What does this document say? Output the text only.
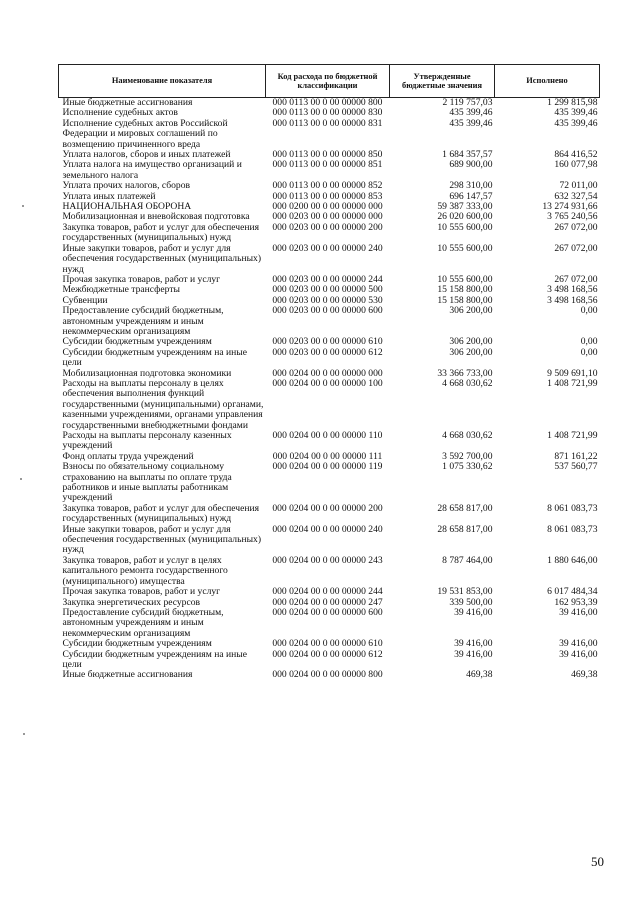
Наименование показателя	Код расхода по бюджетной классификации	Утвержденные бюджетные значения	Исполнено
Иные бюджетные ассигнования	000 0113 00 0 00 00000 800	2 119 757,03	1 299 815,98
Исполнение судебных актов	000 0113 00 0 00 00000 830	435 399,46	435 399,46
Исполнение судебных актов Российской Федерации и мировых соглашений по возмещению причиненного вреда	000 0113 00 0 00 00000 831	435 399,46	435 399,46
Уплата налогов, сборов и иных платежей	000 0113 00 0 00 00000 850	1 684 357,57	864 416,52
Уплата налога на имущество организаций и земельного налога	000 0113 00 0 00 00000 851	689 900,00	160 077,98
Уплата прочих налогов, сборов	000 0113 00 0 00 00000 852	298 310,00	72 011,00
Уплата иных платежей	000 0113 00 0 00 00000 853	696 147,57	632 327,54
НАЦИОНАЛЬНАЯ ОБОРОНА	000 0200 00 0 00 00000 000	59 387 333,00	13 274 931,66
Мобилизационная и вневойсковая подготовка	000 0203 00 0 00 00000 000	26 020 600,00	3 765 240,56
Закупка товаров, работ и услуг для обеспечения государственных (муниципальных) нужд	000 0203 00 0 00 00000 200	10 555 600,00	267 072,00
Иные закупки товаров, работ и услуг для обеспечения государственных (муниципальных) нужд	000 0203 00 0 00 00000 240	10 555 600,00	267 072,00
Прочая закупка товаров, работ и услуг	000 0203 00 0 00 00000 244	10 555 600,00	267 072,00
Межбюджетные трансферты	000 0203 00 0 00 00000 500	15 158 800,00	3 498 168,56
Субвенции	000 0203 00 0 00 00000 530	15 158 800,00	3 498 168,56
Предоставление субсидий бюджетным, автономным учреждениям и иным некоммерческим организациям	000 0203 00 0 00 00000 600	306 200,00	0,00
Субсидии бюджетным учреждениям	000 0203 00 0 00 00000 610	306 200,00	0,00
Субсидии бюджетным учреждениям на иные цели	000 0203 00 0 00 00000 612	306 200,00	0,00
Мобилизационная подготовка экономики	000 0204 00 0 00 00000 000	33 366 733,00	9 509 691,10
Расходы на выплаты персоналу в целях обеспечения выполнения функций государственными (муниципальными) органами, казенными учреждениями, органами управления государственными внебюджетными фондами	000 0204 00 0 00 00000 100	4 668 030,62	1 408 721,99
Расходы на выплаты персоналу казенных учреждений	000 0204 00 0 00 00000 110	4 668 030,62	1 408 721,99
Фонд оплаты труда учреждений	000 0204 00 0 00 00000 111	3 592 700,00	871 161,22
Взносы по обязательному социальному страхованию на выплаты по оплате труда работников и иные выплаты работникам учреждений	000 0204 00 0 00 00000 119	1 075 330,62	537 560,77
Закупка товаров, работ и услуг для обеспечения государственных (муниципальных) нужд	000 0204 00 0 00 00000 200	28 658 817,00	8 061 083,73
Иные закупки товаров, работ и услуг для обеспечения государственных (муниципальных) нужд	000 0204 00 0 00 00000 240	28 658 817,00	8 061 083,73
Закупка товаров, работ и услуг в целях капитального ремонта государственного (муниципального) имущества	000 0204 00 0 00 00000 243	8 787 464,00	1 880 646,00
Прочая закупка товаров, работ и услуг	000 0204 00 0 00 00000 244	19 531 853,00	6 017 484,34
Закупка энергетических ресурсов	000 0204 00 0 00 00000 247	339 500,00	162 953,39
Предоставление субсидий бюджетным, автономным учреждениям и иным некоммерческим организациям	000 0204 00 0 00 00000 600	39 416,00	39 416,00
Субсидии бюджетным учреждениям	000 0204 00 0 00 00000 610	39 416,00	39 416,00
Субсидии бюджетным учреждениям на иные цели	000 0204 00 0 00 00000 612	39 416,00	39 416,00
Иные бюджетные ассигнования	000 0204 00 0 00 00000 800	469,38	469,38
50
